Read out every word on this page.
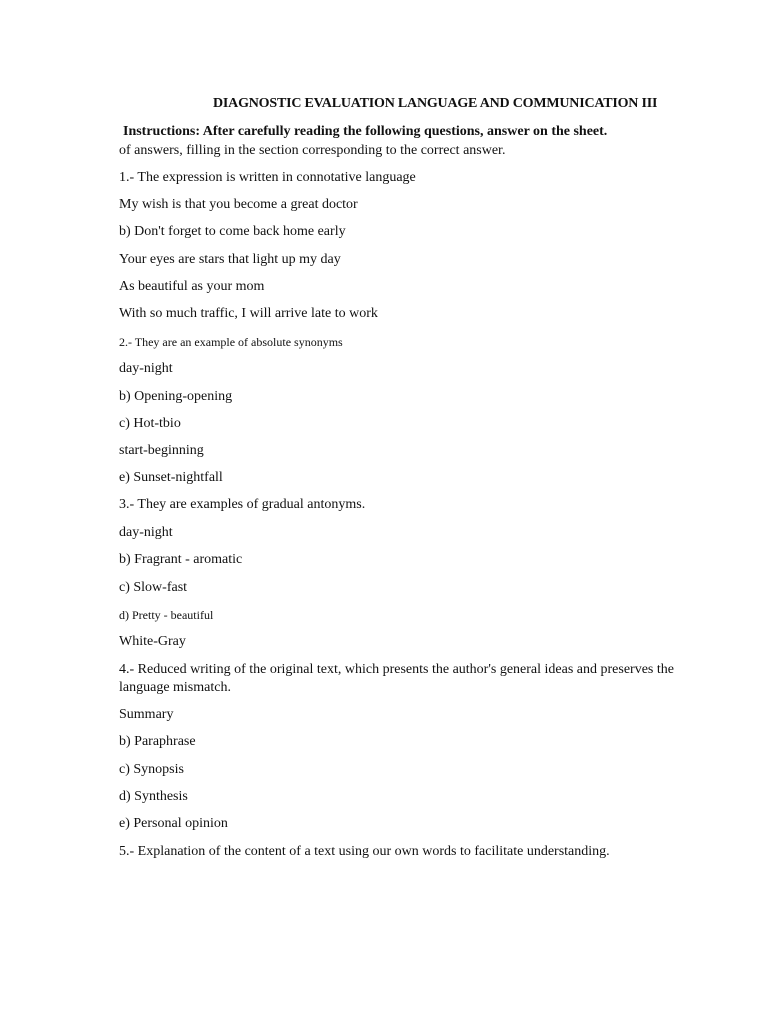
DIAGNOSTIC EVALUATION LANGUAGE AND COMMUNICATION III
Instructions: After carefully reading the following questions, answer on the sheet.
of answers, filling in the section corresponding to the correct answer.
1.- The expression is written in connotative language
My wish is that you become a great doctor
b) Don't forget to come back home early
Your eyes are stars that light up my day
As beautiful as your mom
With so much traffic, I will arrive late to work
2.- They are an example of absolute synonyms
day-night
b) Opening-opening
c) Hot-tbio
start-beginning
e) Sunset-nightfall
3.- They are examples of gradual antonyms.
day-night
b) Fragrant - aromatic
c) Slow-fast
d) Pretty - beautiful
White-Gray
4.- Reduced writing of the original text, which presents the author's general ideas and preserves the language mismatch.
Summary
b) Paraphrase
c) Synopsis
d) Synthesis
e) Personal opinion
5.- Explanation of the content of a text using our own words to facilitate understanding.
